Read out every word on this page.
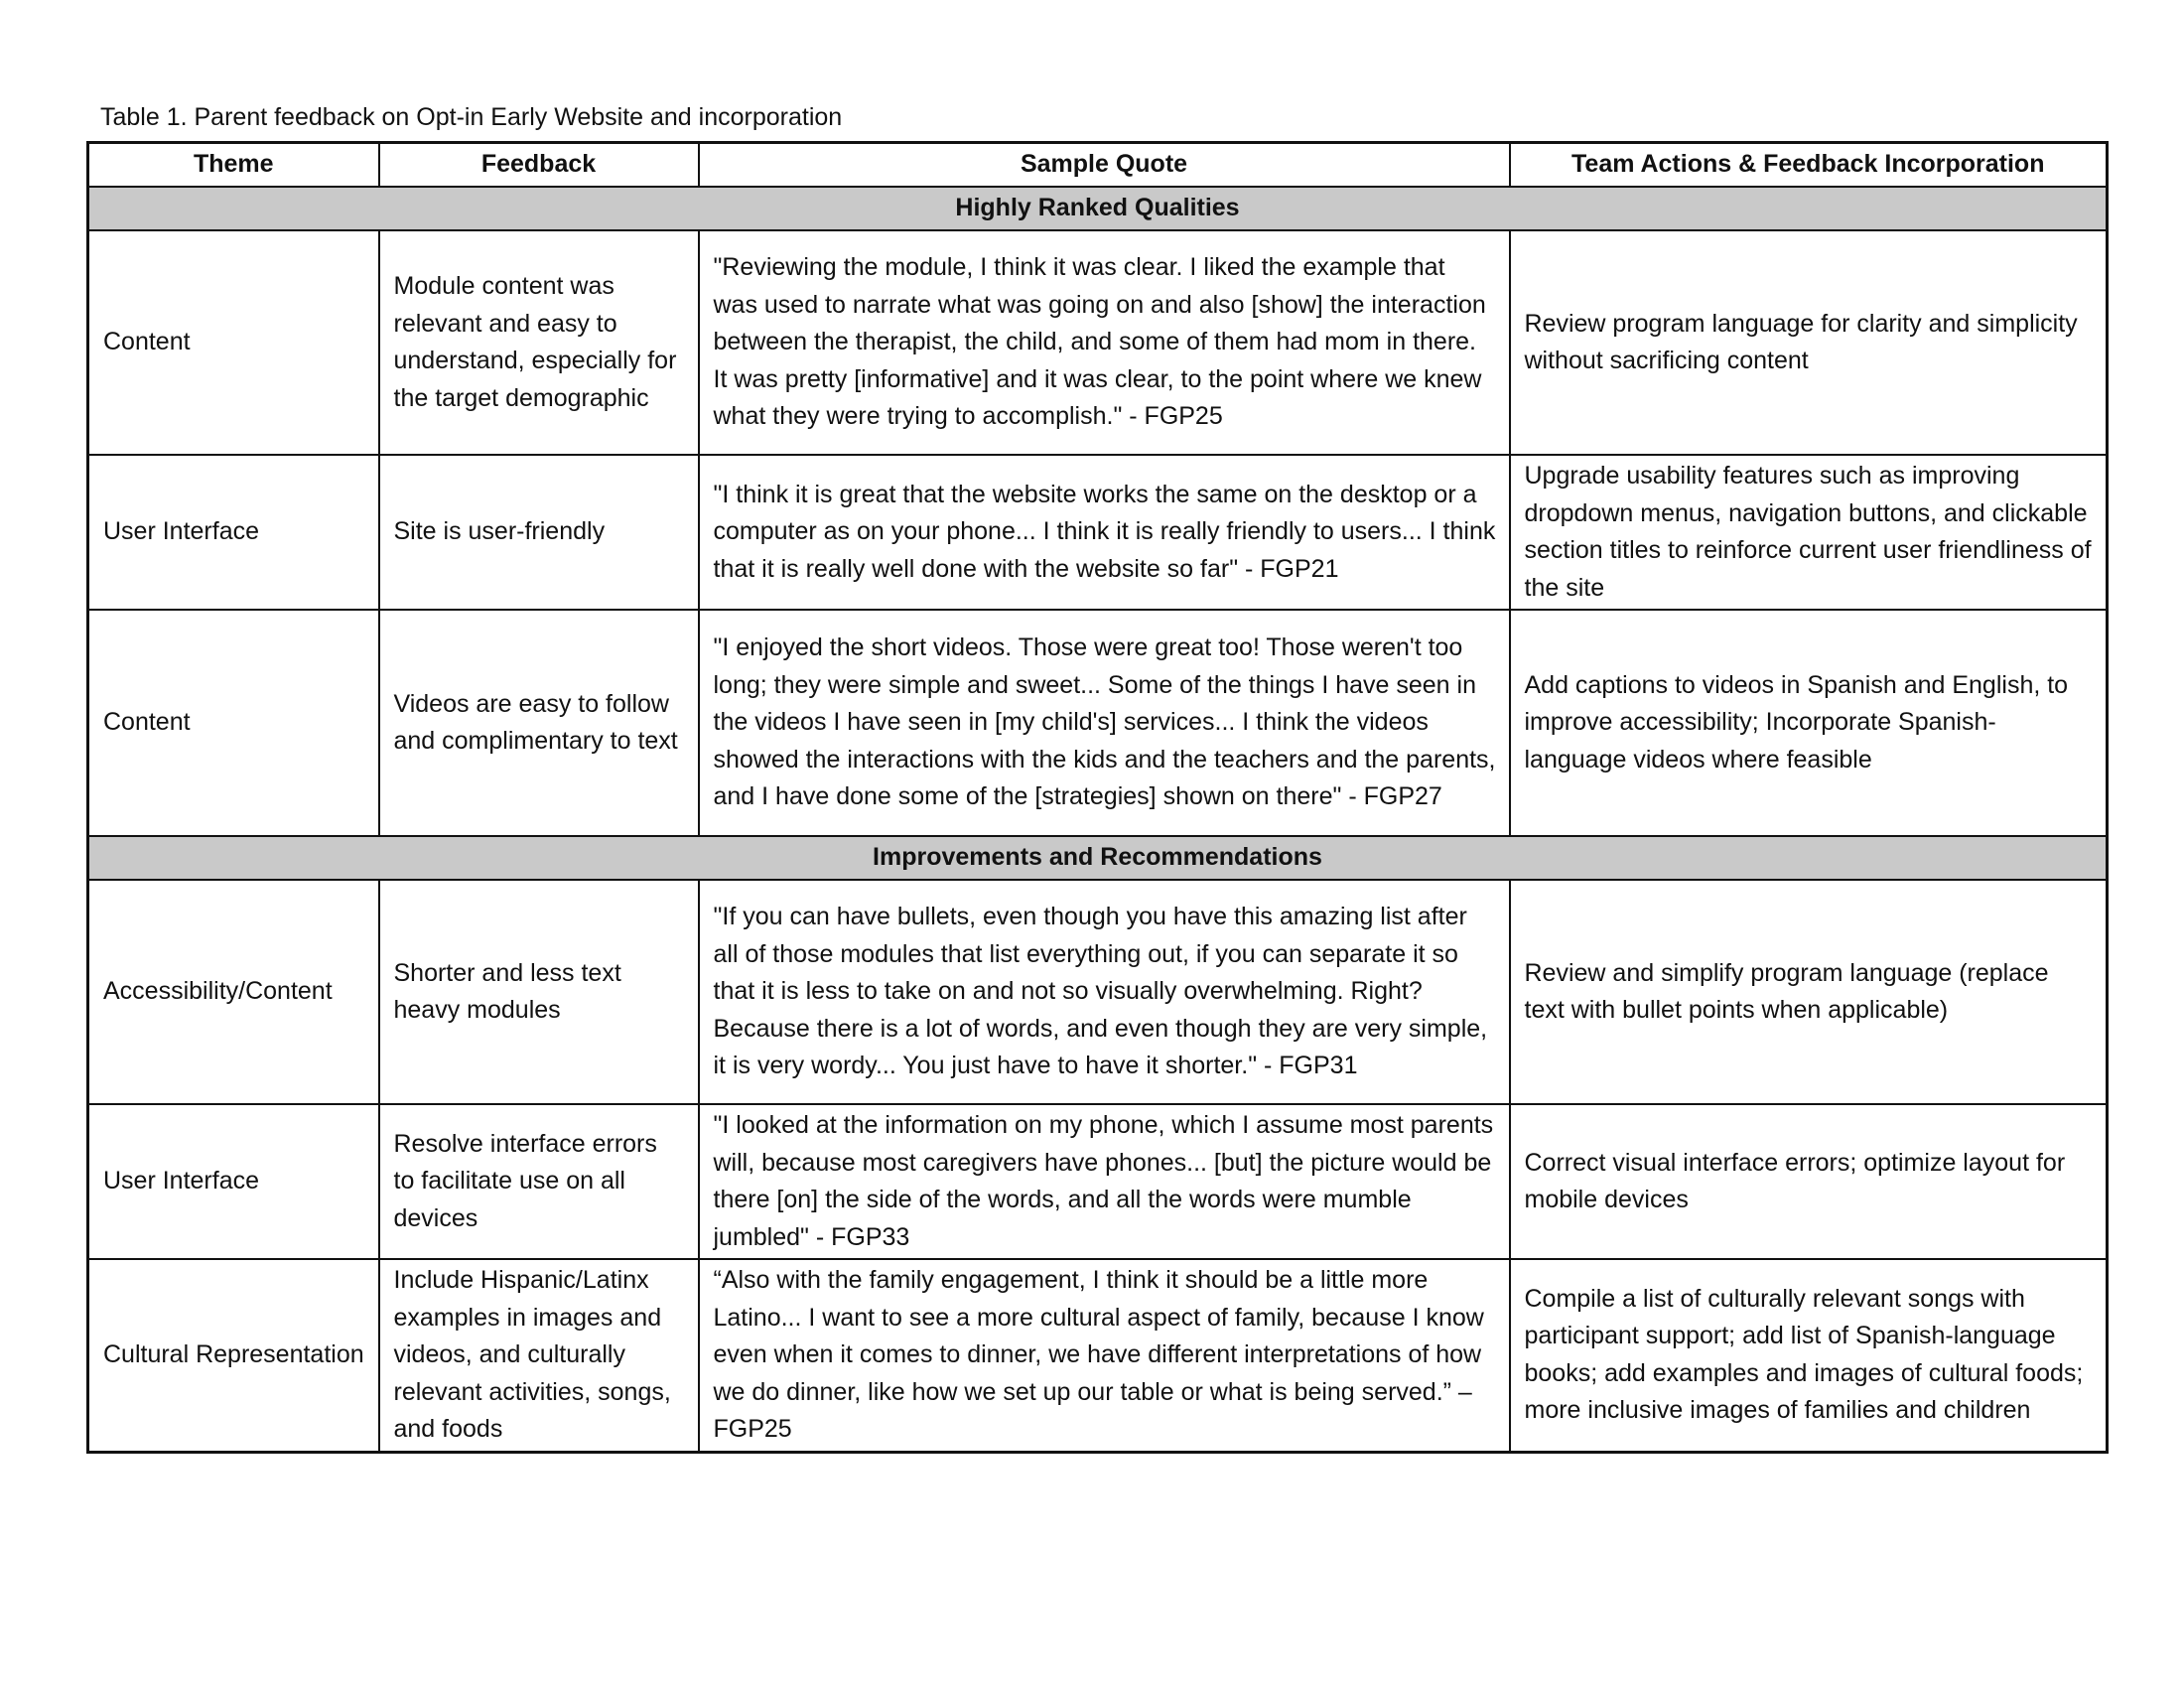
Table 1. Parent feedback on Opt-in Early Website and incorporation
Theme	Feedback	Sample Quote	Team Actions & Feedback Incorporation
Highly Ranked Qualities			
Content	Module content was relevant and easy to understand, especially for the target demographic	"Reviewing the module, I think it was clear. I liked the example that was used to narrate what was going on and also [show] the interaction between the therapist, the child, and some of them had mom in there. It was pretty [informative] and it was clear, to the point where we knew what they were trying to accomplish." - FGP25	Review program language for clarity and simplicity without sacrificing content
User Interface	Site is user-friendly	"I think it is great that the website works the same on the desktop or a computer as on your phone... I think it is really friendly to users... I think that it is really well done with the website so far" - FGP21	Upgrade usability features such as improving dropdown menus, navigation buttons, and clickable section titles to reinforce current user friendliness of the site
Content	Videos are easy to follow and complimentary to text	"I enjoyed the short videos. Those were great too! Those weren't too long; they were simple and sweet... Some of the things I have seen in the videos I have seen in [my child's] services... I think the videos showed the interactions with the kids and the teachers and the parents, and I have done some of the [strategies] shown on there" - FGP27	Add captions to videos in Spanish and English, to improve accessibility; Incorporate Spanish-language videos where feasible
Improvements and Recommendations			
Accessibility/Content	Shorter and less text heavy modules	"If you can have bullets, even though you have this amazing list after all of those modules that list everything out, if you can separate it so that it is less to take on and not so visually overwhelming. Right? Because there is a lot of words, and even though they are very simple, it is very wordy... You just have to have it shorter." - FGP31	Review and simplify program language (replace text with bullet points when applicable)
User Interface	Resolve interface errors to facilitate use on all devices	"I looked at the information on my phone, which I assume most parents will, because most caregivers have phones... [but] the picture would be there [on] the side of the words, and all the words were mumble jumbled" - FGP33	Correct visual interface errors; optimize layout for mobile devices
Cultural Representation	Include Hispanic/Latinx examples in images and videos, and culturally relevant activities, songs, and foods	“Also with the family engagement, I think it should be a little more Latino... I want to see a more cultural aspect of family, because I know even when it comes to dinner, we have different interpretations of how we do dinner, like how we set up our table or what is being served.” – FGP25	Compile a list of culturally relevant songs with participant support; add list of Spanish-language books; add examples and images of cultural foods; more inclusive images of families and children
